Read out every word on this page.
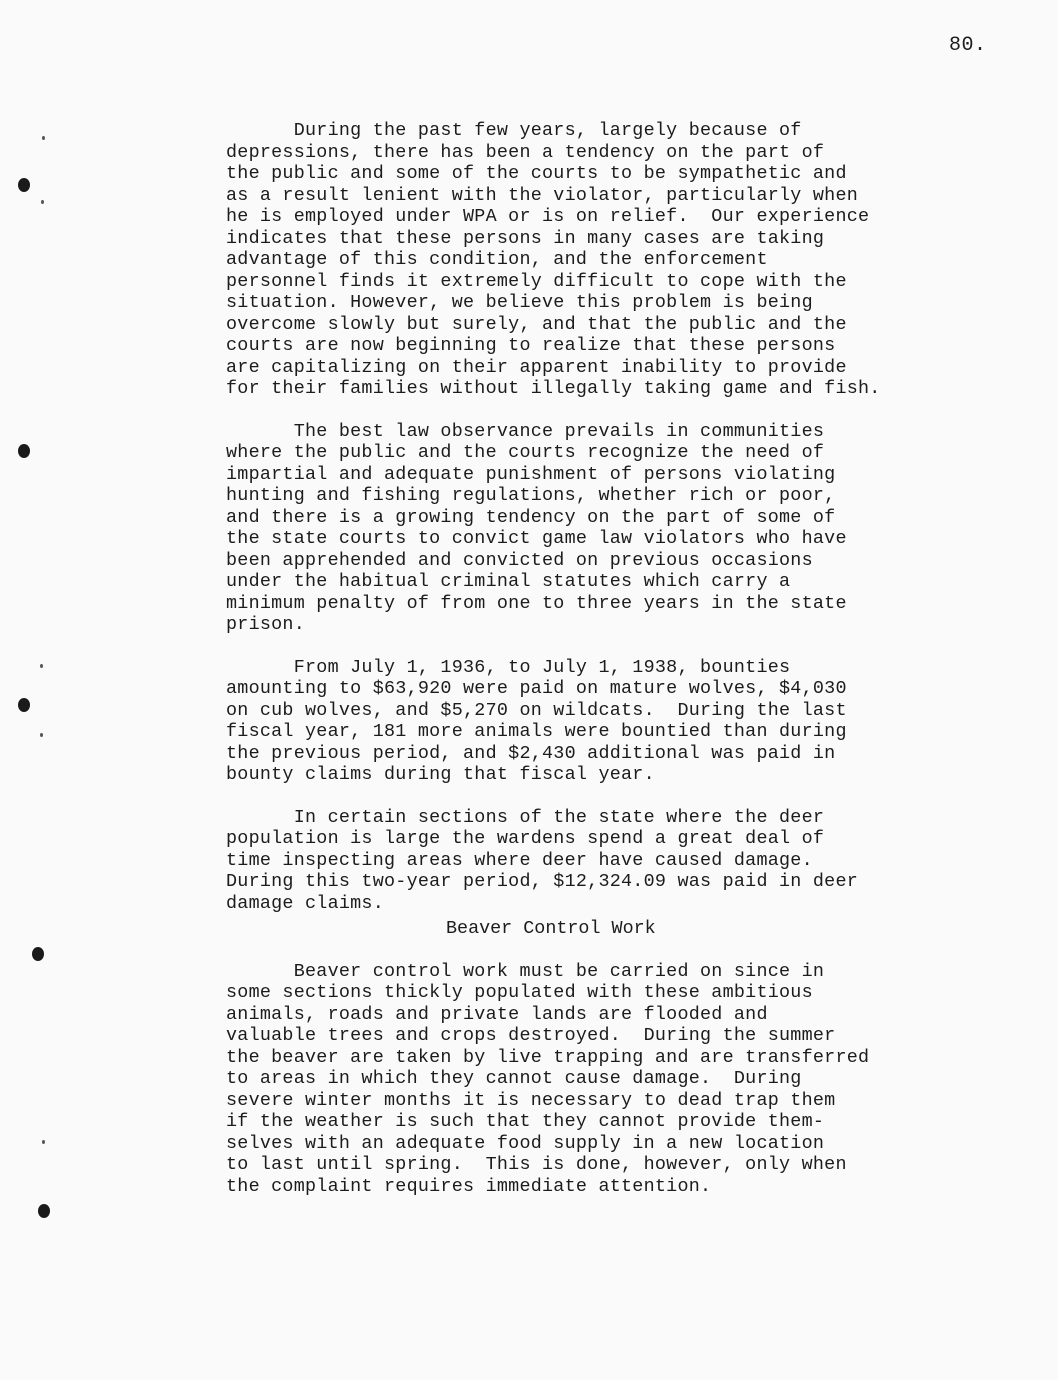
80.
During the past few years, largely because of
depressions, there has been a tendency on the part of
the public and some of the courts to be sympathetic and
as a result lenient with the violator, particularly when
he is employed under WPA or is on relief.  Our experience
indicates that these persons in many cases are taking
advantage of this condition, and the enforcement
personnel finds it extremely difficult to cope with the
situation. However, we believe this problem is being
overcome slowly but surely, and that the public and the
courts are now beginning to realize that these persons
are capitalizing on their apparent inability to provide
for their families without illegally taking game and fish.
The best law observance prevails in communities
where the public and the courts recognize the need of
impartial and adequate punishment of persons violating
hunting and fishing regulations, whether rich or poor,
and there is a growing tendency on the part of some of
the state courts to convict game law violators who have
been apprehended and convicted on previous occasions
under the habitual criminal statutes which carry a
minimum penalty of from one to three years in the state
prison.
From July 1, 1936, to July 1, 1938, bounties
amounting to $63,920 were paid on mature wolves, $4,030
on cub wolves, and $5,270 on wildcats.  During the last
fiscal year, 181 more animals were bountied than during
the previous period, and $2,430 additional was paid in
bounty claims during that fiscal year.
In certain sections of the state where the deer
population is large the wardens spend a great deal of
time inspecting areas where deer have caused damage.
During this two-year period, $12,324.09 was paid in deer
damage claims.
Beaver Control Work
Beaver control work must be carried on since in
some sections thickly populated with these ambitious
animals, roads and private lands are flooded and
valuable trees and crops destroyed.  During the summer
the beaver are taken by live trapping and are transferred
to areas in which they cannot cause damage.  During
severe winter months it is necessary to dead trap them
if the weather is such that they cannot provide them-
selves with an adequate food supply in a new location
to last until spring.  This is done, however, only when
the complaint requires immediate attention.
